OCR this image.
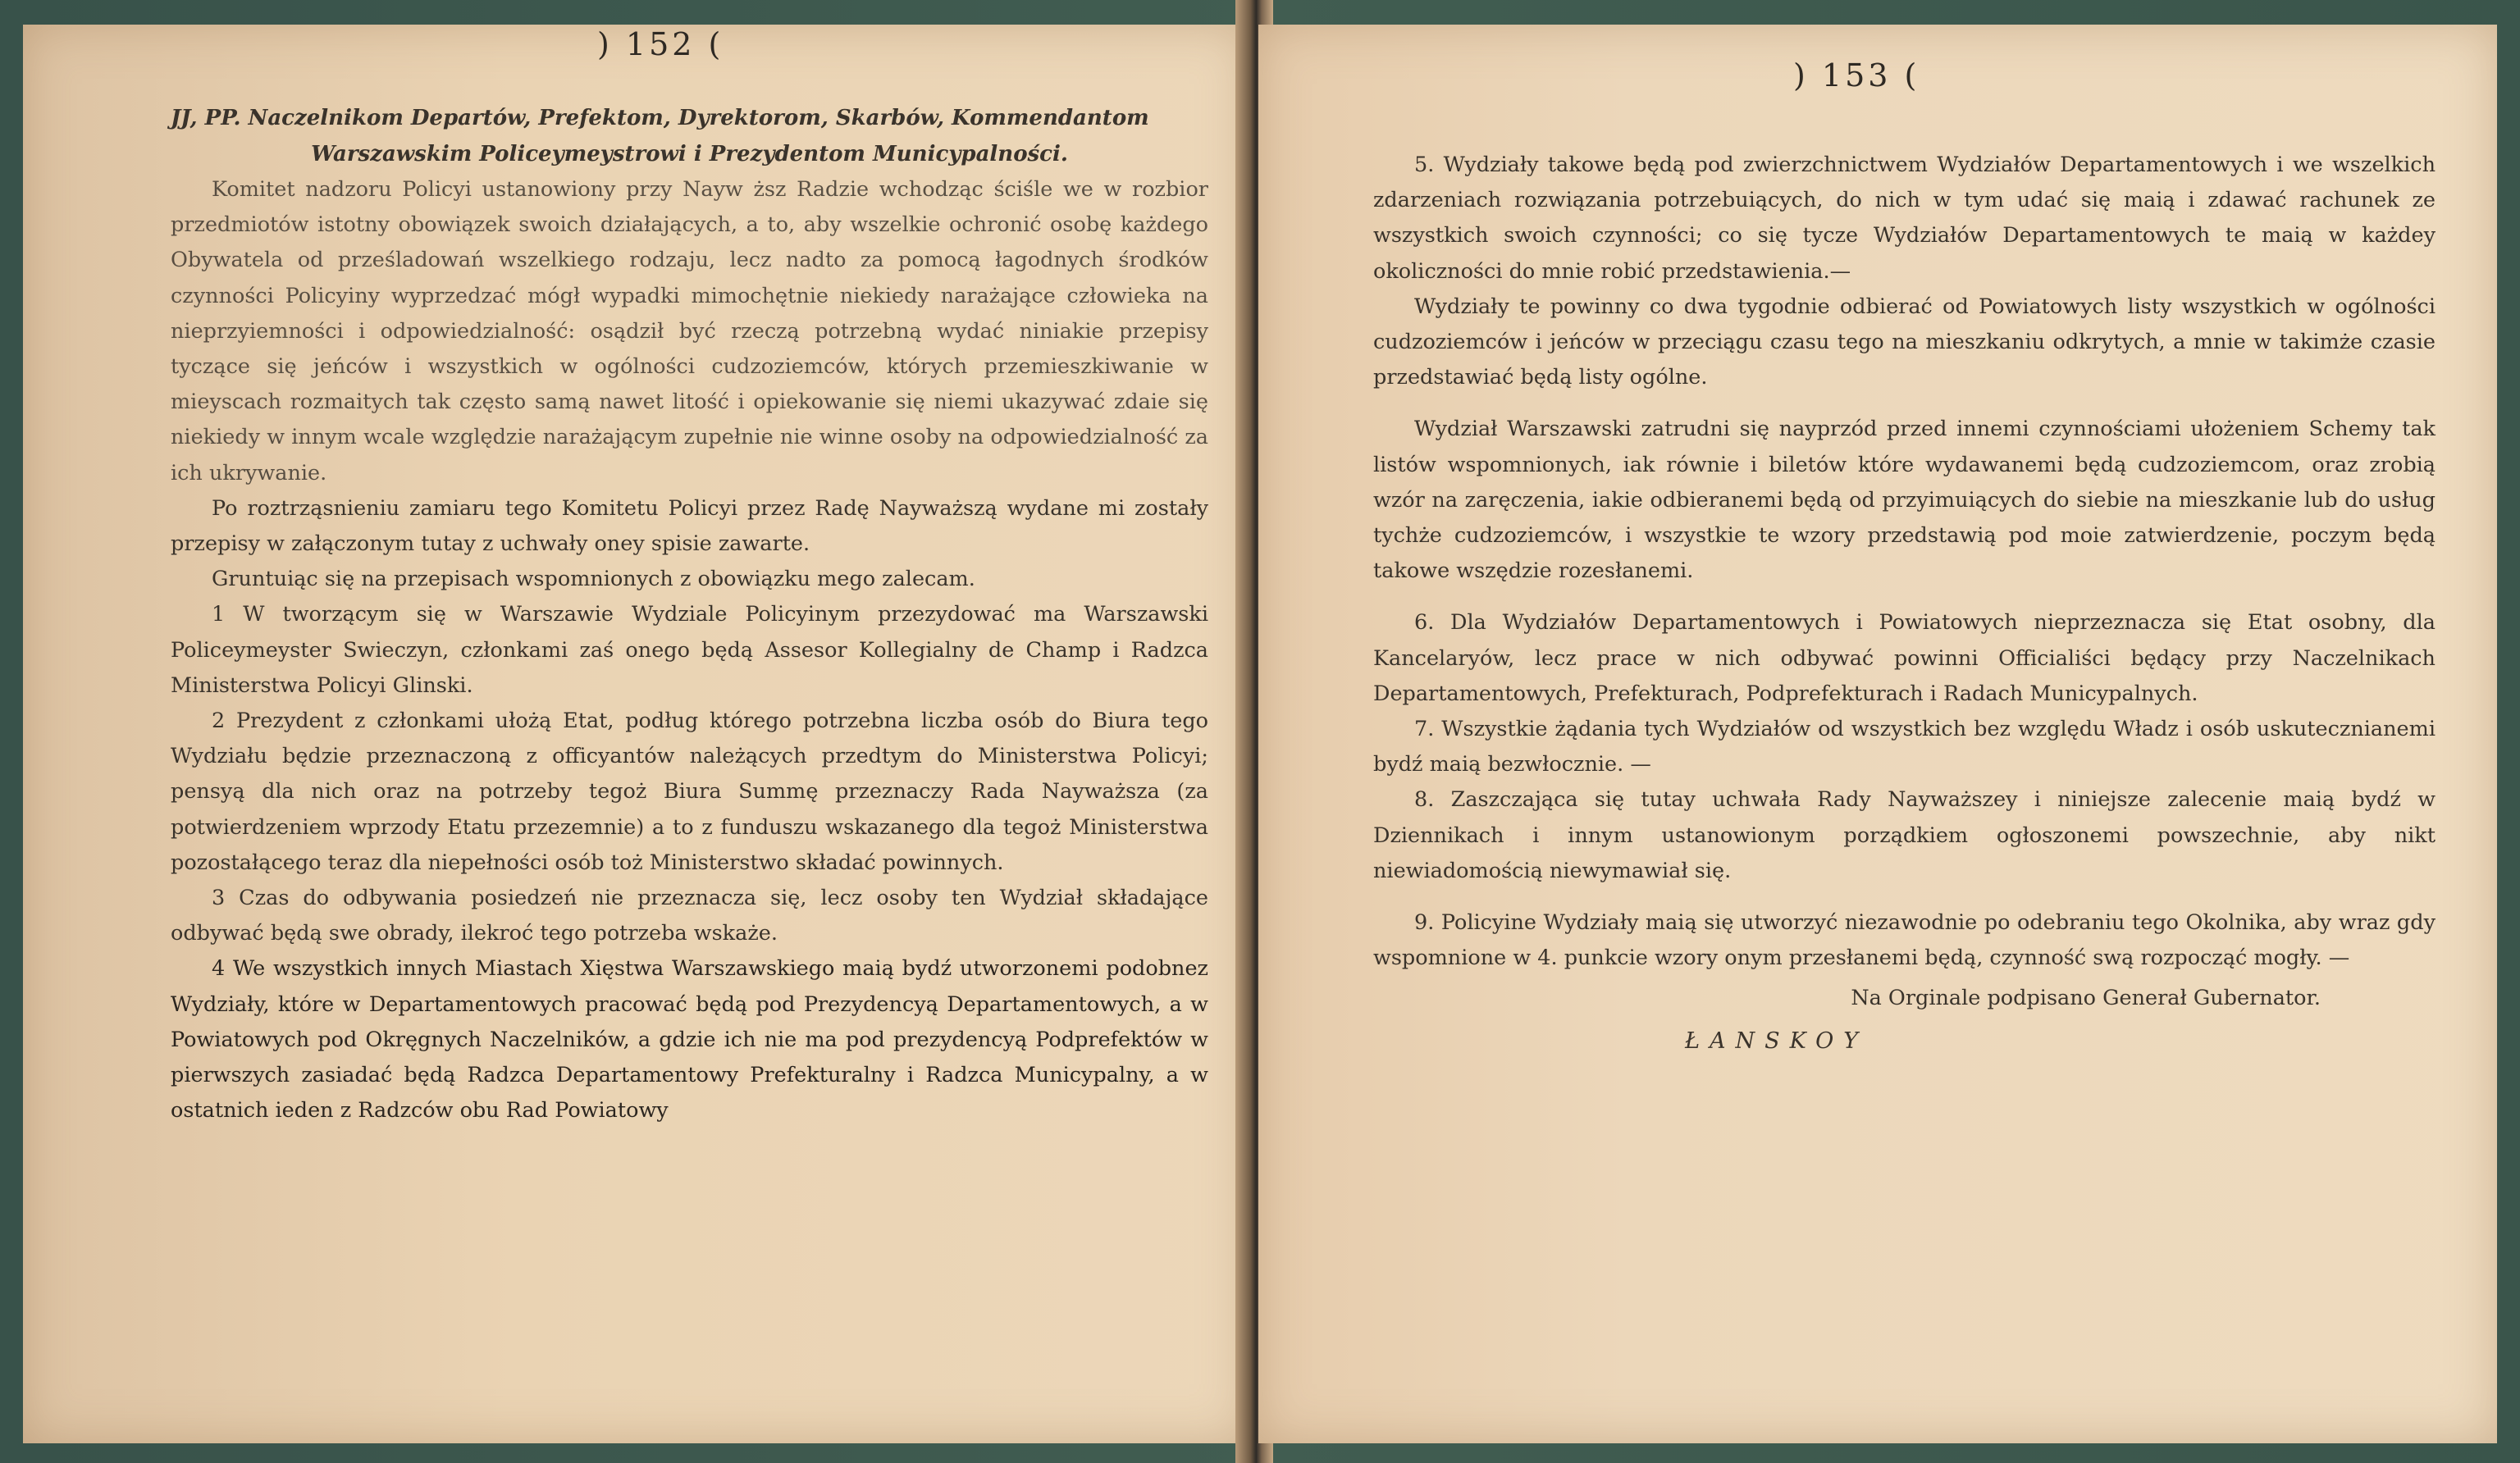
) 152 (
JJ, PP. Naczelnikom Departów, Prefektom, Dyrektorom, Skarbów, Kommendantom
Warszawskim Policeymeystrowi i Prezydentom Municypalności.

Komitet nadzoru Policyi ustanowiony przy Nayw ższ Radzie wchodząc ściśle we w rozbior przedmiotów istotny obowiązek swoich działających, a to, aby wszelkie ochronić osobę każdego Obywatela od prześladowań wszelkiego rodzaju, lecz nadto za pomocą łagodnych środków czynności Policyiny wyprzedzać mógł wypadki mimochętnie niekiedy narażające człowieka na nieprzyiemności i odpowiedzialność: osądził być rzeczą potrzebną wydać niniakie przepisy tyczące się jeńców i wszystkich w ogólności cudzoziemców, których przemieszkiwanie w mieyscach rozmaitych tak często samą nawet litość i opiekowanie się niemi ukazywać zdaie się niekiedy w innym wcale względzie narażającym zupełnie nie winne osoby na odpowiedzialność za ich ukrywanie.

Po roztrząsnieniu zamiaru tego Komitetu Policyi przez Radę Nayważszą wydane mi zostały przepisy w załączonym tutay z uchwały oney spisie zawarte.

Gruntuiąc się na przepisach wspomnionych z obowiązku mego zalecam.

1 W tworzącym się w Warszawie Wydziale Policyinym przezydować ma Warszawski Policeymeyster Swieczyn, członkami zaś onego będą Assesor Kollegialny de Champ i Radzca Ministerstwa Policyi Glinski.

2 Prezydent z członkami ułożą Etat, podług którego potrzebna liczba osób do Biura tego Wydziału będzie przeznaczoną z officyantów należących przedtym do Ministerstwa Policyi; pensyą dla nich oraz na potrzeby tegoż Biura Summę przeznaczy Rada Nayważsza (za potwierdzeniem wprzody Etatu przezemnie) a to z funduszu wskazanego dla tegoż Ministerstwa pozostałącego teraz dla niepełności osób toż Ministerstwo składać powinnych.

3 Czas do odbywania posiedzeń nie przeznacza się, lecz osoby ten Wydział składające odbywać będą swe obrady, ilekroć tego potrzeba wskaże.

4 We wszystkich innych Miastach Xięstwa Warszawskiego maią bydź utworzonemi podobnez Wydziały, które w Departamentowych pracować będą pod Prezydencyą Departamentowych, a w Powiatowych pod Okręgnych Naczelników, a gdzie ich nie ma pod prezydencyą Podprefektów w pierwszych zasiadać będą Radzca Departamentowy Prefekturalny i Radzca Municypalny, a w ostatnich ieden z Radzców obu Rad Powiatowy

) 153 (

5. Wydziały takowe będą pod zwierzchnictwem Wydziałów Departamentowych i we wszelkich zdarzeniach rozwiązania potrzebuiących, do nich w tym udać się maią i zdawać rachunek ze wszystkich swoich czynności; co się tycze Wydziałów Departamentowych te maią w każdey okoliczności do mnie robić przedstawienia.—

Wydziały te powinny co dwa tygodnie odbierać od Powiatowych listy wszystkich w ogólności cudzoziemców i jeńców w przeciągu czasu tego na mieszkaniu odkrytych, a mnie w takimże czasie przedstawiać będą listy ogólne.

Wydział Warszawski zatrudni się nayprzód przed innemi czynnościami ułożeniem Schemy tak listów wspomnionych, iak równie i biletów które wydawanemi będą cudzoziemcom, oraz zrobią wzór na zaręczenia, iakie odbieranemi będą od przyimuiących do siebie na mieszkanie lub do usług tychże cudzoziemców, i wszystkie te wzory przedstawią pod moie zatwierdzenie, poczym będą takowe wszędzie rozesłanemi.

6. Dla Wydziałów Departamentowych i Powiatowych nieprzeznacza się Etat osobny, dla Kancelaryów, lecz prace w nich odbywać powinni Officialiści będący przy Naczelnikach Departamentowych, Prefekturach, Podprefekturach i Radach Municypalnych.

7. Wszystkie żądania tych Wydziałów od wszystkich bez względu Władz i osób uskutecznianemi bydź maią bezwłocznie. —

8. Zaszczająca się tutay uchwała Rady Nayważszey i niniejsze zalecenie maią bydź w Dziennikach i innym ustanowionym porządkiem ogłoszonemi powszechnie, aby nikt niewiadomością niewymawiał się.

9. Policyine Wydziały maią się utworzyć niezawodnie po odebraniu tego Okolnika, aby wraz gdy wspomnione w 4. punkcie wzory onym przesłanemi będą, czynność swą rozpocząć mogły. —

Na Orginale podpisano Generał Gubernator.
ŁANSKOY
